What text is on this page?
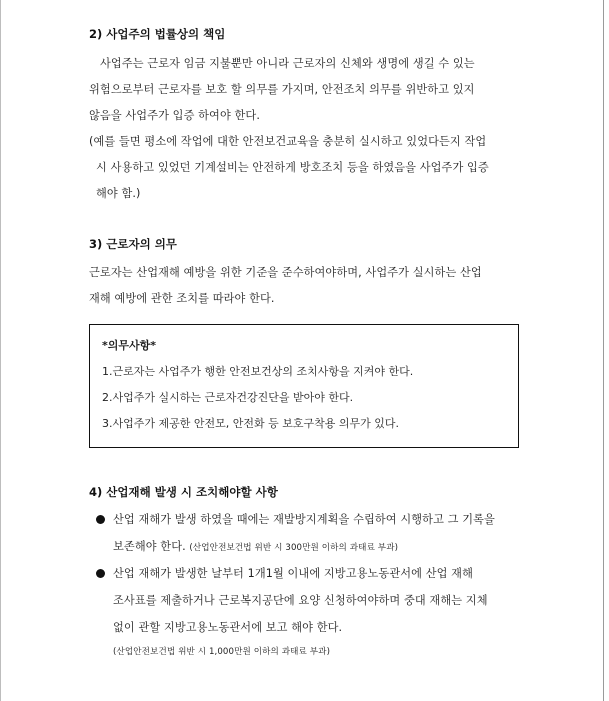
2) 사업주의 법률상의 책임
사업주는 근로자 임금 지불뿐만 아니라 근로자의 신체와 생명에 생길 수 있는
위험으로부터 근로자를 보호 할 의무를 가지며, 안전조치 의무를 위반하고 있지
않음을 사업주가 입증 하여야 한다.
(예를 들면 평소에 작업에 대한 안전보건교육을 충분히 실시하고 있었다든지 작업
시 사용하고 있었던 기계설비는 안전하게 방호조치 등을 하였음을 사업주가 입증
해야 함.)
3) 근로자의 의무
근로자는 산업재해 예방을 위한 기준을 준수하여야하며, 사업주가 실시하는 산업
재해 예방에 관한 조치를 따라야 한다.
*의무사항*
1.근로자는 사업주가 행한 안전보건상의 조치사항을 지켜야 한다.
2.사업주가 실시하는 근로자건강진단을 받아야 한다.
3.사업주가 제공한 안전모, 안전화 등 보호구착용 의무가 있다.
4) 산업재해 발생 시 조치해야할 사항
산업 재해가 발생 하였을 때에는 재발방지계획을 수립하여 시행하고 그 기록을
보존해야 한다. (산업안전보건법 위반 시 300만원 이하의 과태료 부과)
산업 재해가 발생한 날부터 1개1월 이내에 지방고용노동관서에 산업 재해
조사표를 제출하거나 근로복지공단에 요양 신청하여야하며 중대 재해는 지체
없이 관할 지방고용노동관서에 보고 해야 한다.
(산업안전보건법 위반 시 1,000만원 이하의 과태료 부과)
